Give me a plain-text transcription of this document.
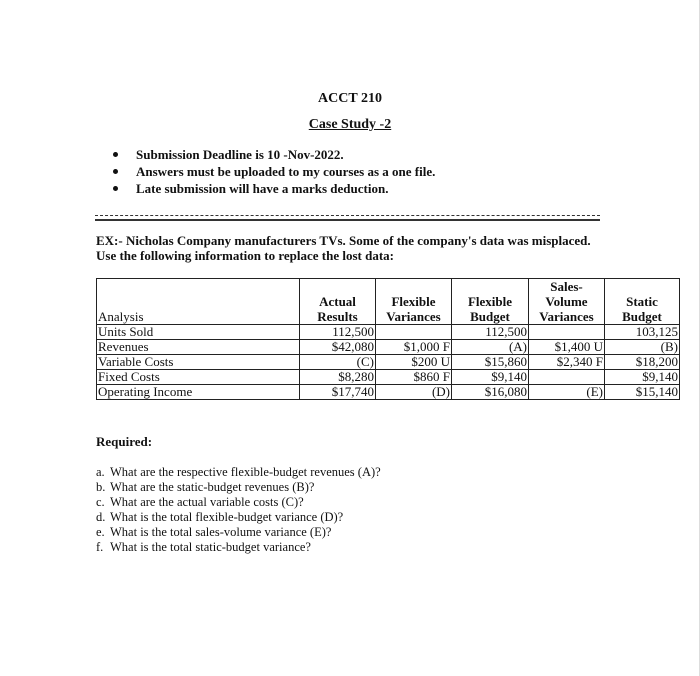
ACCT 210
Case Study -2
Submission Deadline is 10 -Nov-2022.
Answers must be uploaded to my courses as a one file.
Late submission will have a marks deduction.
EX:- Nicholas Company manufacturers TVs. Some of the company's data was misplaced. Use the following information to replace the lost data:
Analysis	Actual Results	Flexible Variances	Flexible Budget	Sales-Volume Variances	Static Budget
Units Sold	112,500		112,500		103,125
Revenues	$42,080	$1,000 F	(A)	$1,400 U	(B)
Variable Costs	(C)	$200 U	$15,860	$2,340 F	$18,200
Fixed Costs	$8,280	$860 F	$9,140		$9,140
Operating Income	$17,740	(D)	$16,080	(E)	$15,140
Required:
a. What are the respective flexible-budget revenues (A)?
b. What are the static-budget revenues (B)?
c. What are the actual variable costs (C)?
d. What is the total flexible-budget variance (D)?
e. What is the total sales-volume variance (E)?
f. What is the total static-budget variance?
